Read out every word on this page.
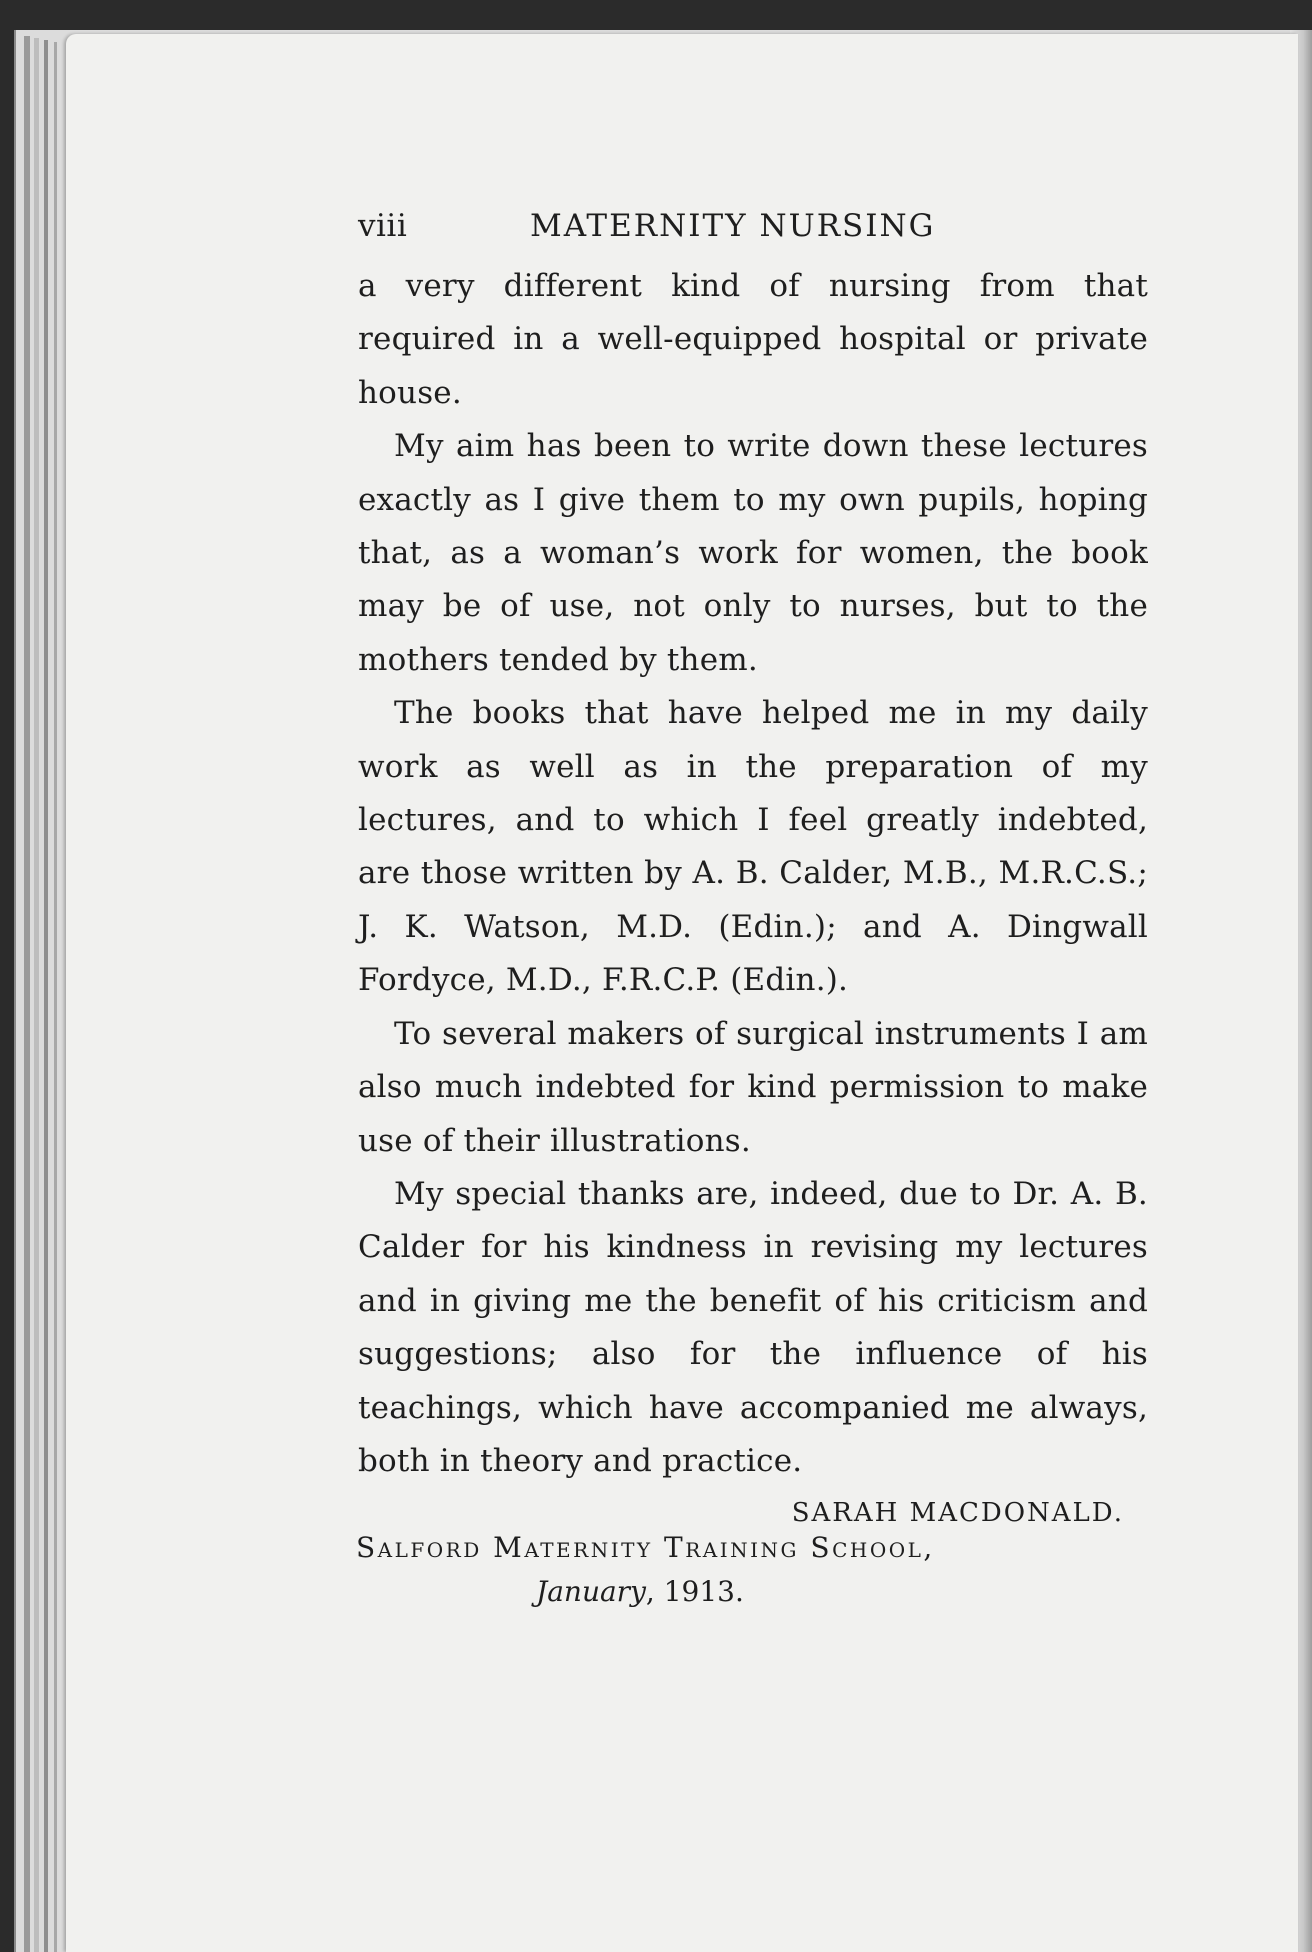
viii	MATERNITY NURSING

a very different kind of nursing from that required in a well-equipped hospital or private house.

My aim has been to write down these lectures exactly as I give them to my own pupils, hoping that, as a woman’s work for women, the book may be of use, not only to nurses, but to the mothers tended by them.

The books that have helped me in my daily work as well as in the preparation of my lectures, and to which I feel greatly indebted, are those written by A. B. Calder, M.B., M.R.C.S.; J. K. Watson, M.D. (Edin.); and A. Dingwall Fordyce, M.D., F.R.C.P. (Edin.).

To several makers of surgical instruments I am also much indebted for kind permission to make use of their illustrations.

My special thanks are, indeed, due to Dr. A. B. Calder for his kindness in revising my lectures and in giving me the benefit of his criticism and suggestions; also for the influence of his teachings, which have accompanied me always, both in theory and practice.

SARAH MACDONALD.
Salford Maternity Training School,
January, 1913.
